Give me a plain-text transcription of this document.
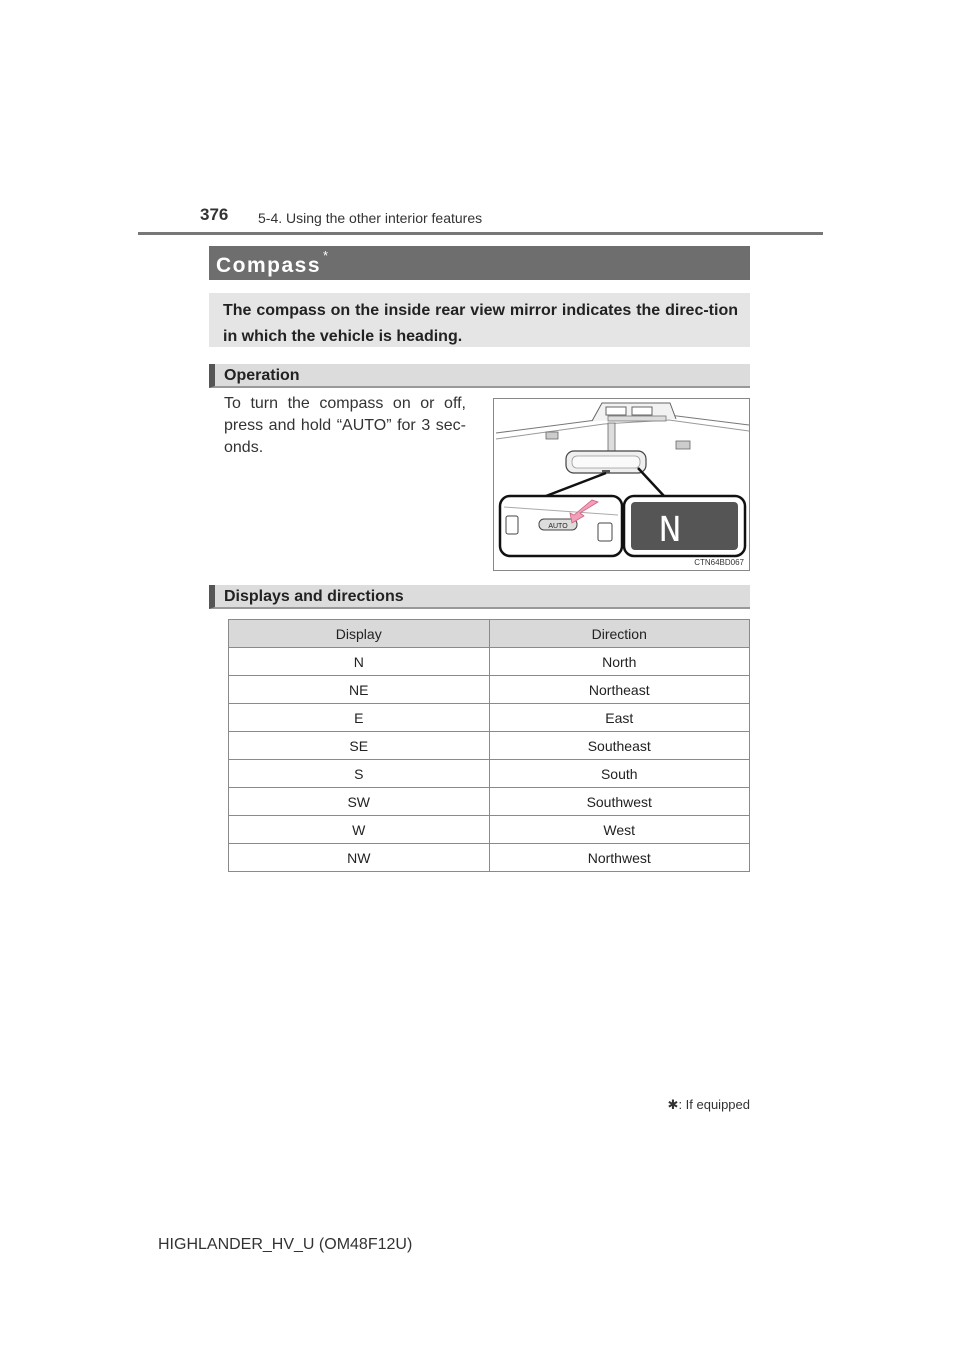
376 5-4. Using the other interior features
Compass *
The compass on the inside rear view mirror indicates the direc-tion in which the vehicle is heading.
Operation
To turn the compass on or off, press and hold “AUTO” for 3 sec-onds.
AUTO N
CTN64BD067
Displays and directions
Display	Direction
N	North
NE	Northeast
E	East
SE	Southeast
S	South
SW	Southwest
W	West
NW	Northwest
✱: If equipped
HIGHLANDER_HV_U (OM48F12U)
